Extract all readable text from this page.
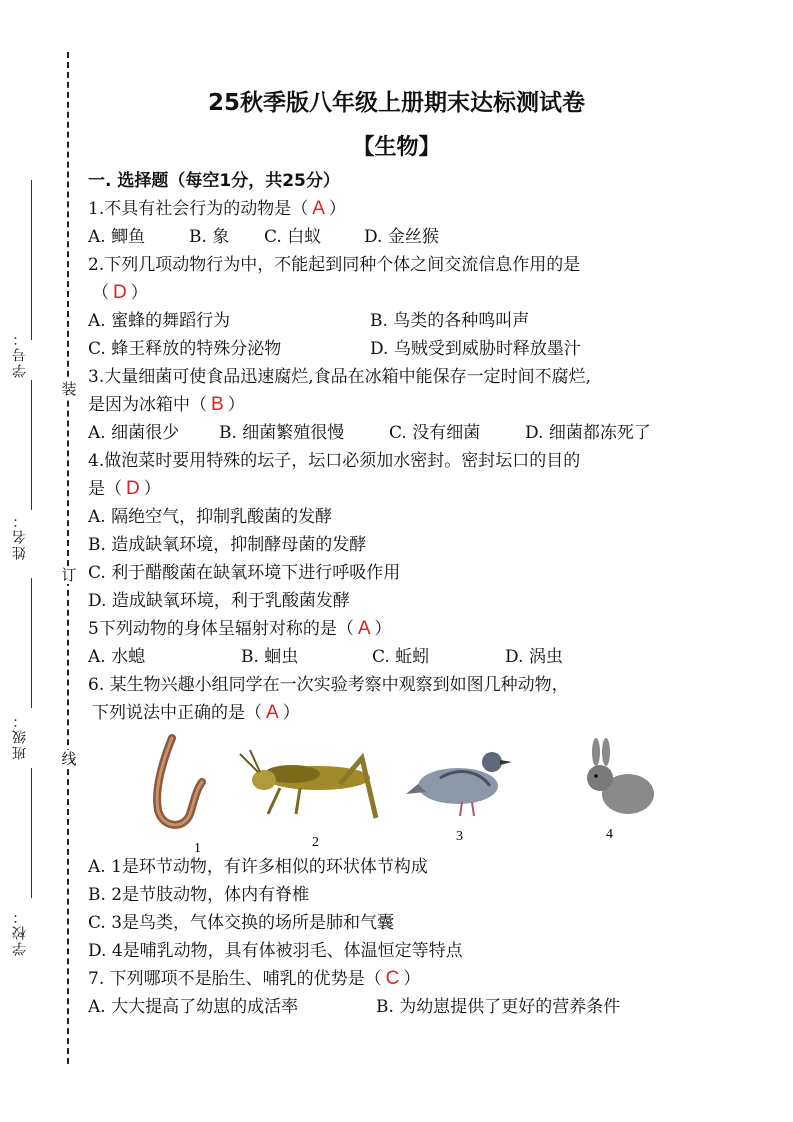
装
订
线
学号：
姓名：
班级：
学校：
25秋季版八年级上册期末达标测试卷
【生物】
一. 选择题（每空1分，共25分）
1.不具有社会行为的动物是（ A ）
A. 鲫鱼	B. 象 C. 白蚁	D. 金丝猴
2.下列几项动物行为中，不能起到同种个体之间交流信息作用的是
（ D ）
A. 蜜蜂的舞蹈行为	B. 鸟类的各种鸣叫声
C. 蜂王释放的特殊分泌物	D. 乌贼受到威胁时释放墨汁
3.大量细菌可使食品迅速腐烂,食品在冰箱中能保存一定时间不腐烂,
是因为冰箱中（ B ）
A. 细菌很少 B. 细菌繁殖很慢	C. 没有细菌	D. 细菌都冻死了
4.做泡菜时要用特殊的坛子，坛口必须加水密封。密封坛口的目的
是（ D ）
A. 隔绝空气，抑制乳酸菌的发酵
B. 造成缺氧环境，抑制酵母菌的发酵
C. 利于醋酸菌在缺氧环境下进行呼吸作用
D. 造成缺氧环境，利于乳酸菌发酵
5下列动物的身体呈辐射对称的是（ A ）
A. 水螅	B. 蛔虫	C. 蚯蚓	D. 涡虫
6. 某生物兴趣小组同学在一次实验考察中观察到如图几种动物，
下列说法中正确的是（ A ）
1	2	3	4
A. 1是环节动物，有许多相似的环状体节构成
B. 2是节肢动物，体内有脊椎
C. 3是鸟类，气体交换的场所是肺和气囊
D. 4是哺乳动物，具有体被羽毛、体温恒定等特点
7. 下列哪项不是胎生、哺乳的优势是（ C ）
A. 大大提高了幼崽的成活率	B. 为幼崽提供了更好的营养条件
